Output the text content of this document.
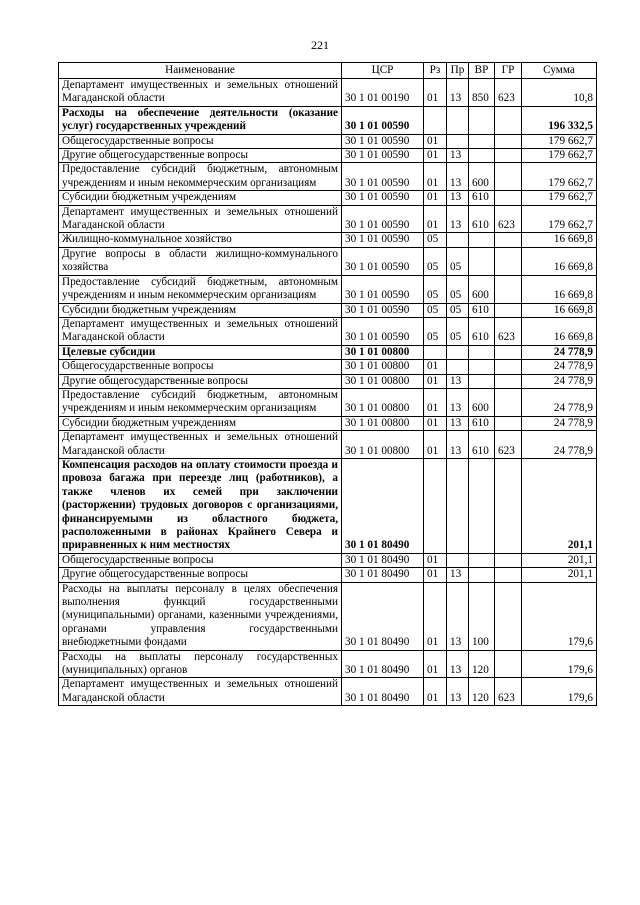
221
Наименование	ЦСР	Рз	Пр	ВР	ГР	Сумма
Департамент имущественных и земельных отношений Магаданской области	30 1 01 00190	01	13	850	623	10,8
Расходы на обеспечение деятельности (оказание услуг) государственных учреждений	30 1 01 00590					196 332,5
Общегосударственные вопросы	30 1 01 00590	01				179 662,7
Другие общегосударственные вопросы	30 1 01 00590	01	13			179 662,7
Предоставление субсидий бюджетным, автономным учреждениям и иным некоммерческим организациям	30 1 01 00590	01	13	600		179 662,7
Субсидии бюджетным учреждениям	30 1 01 00590	01	13	610		179 662,7
Департамент имущественных и земельных отношений Магаданской области	30 1 01 00590	01	13	610	623	179 662,7
Жилищно-коммунальное хозяйство	30 1 01 00590	05				16 669,8
Другие вопросы в области жилищно-коммунального хозяйства	30 1 01 00590	05	05			16 669,8
Предоставление субсидий бюджетным, автономным учреждениям и иным некоммерческим организациям	30 1 01 00590	05	05	600		16 669,8
Субсидии бюджетным учреждениям	30 1 01 00590	05	05	610		16 669,8
Департамент имущественных и земельных отношений Магаданской области	30 1 01 00590	05	05	610	623	16 669,8
Целевые субсидии	30 1 01 00800					24 778,9
Общегосударственные вопросы	30 1 01 00800	01				24 778,9
Другие общегосударственные вопросы	30 1 01 00800	01	13			24 778,9
Предоставление субсидий бюджетным, автономным учреждениям и иным некоммерческим организациям	30 1 01 00800	01	13	600		24 778,9
Субсидии бюджетным учреждениям	30 1 01 00800	01	13	610		24 778,9
Департамент имущественных и земельных отношений Магаданской области	30 1 01 00800	01	13	610	623	24 778,9
Компенсация расходов на оплату стоимости проезда и провоза багажа при переезде лиц (работников), а также членов их семей при заключении (расторжении) трудовых договоров с организациями, финансируемыми из областного бюджета, расположенными в районах Крайнего Севера и приравненных к ним местностях	30 1 01 80490					201,1
Общегосударственные вопросы	30 1 01 80490	01				201,1
Другие общегосударственные вопросы	30 1 01 80490	01	13			201,1
Расходы на выплаты персоналу в целях обеспечения выполнения функций государственными (муниципальными) органами, казенными учреждениями, органами управления государственными внебюджетными фондами	30 1 01 80490	01	13	100		179,6
Расходы на выплаты персоналу государственных (муниципальных) органов	30 1 01 80490	01	13	120		179,6
Департамент имущественных и земельных отношений Магаданской области	30 1 01 80490	01	13	120	623	179,6
